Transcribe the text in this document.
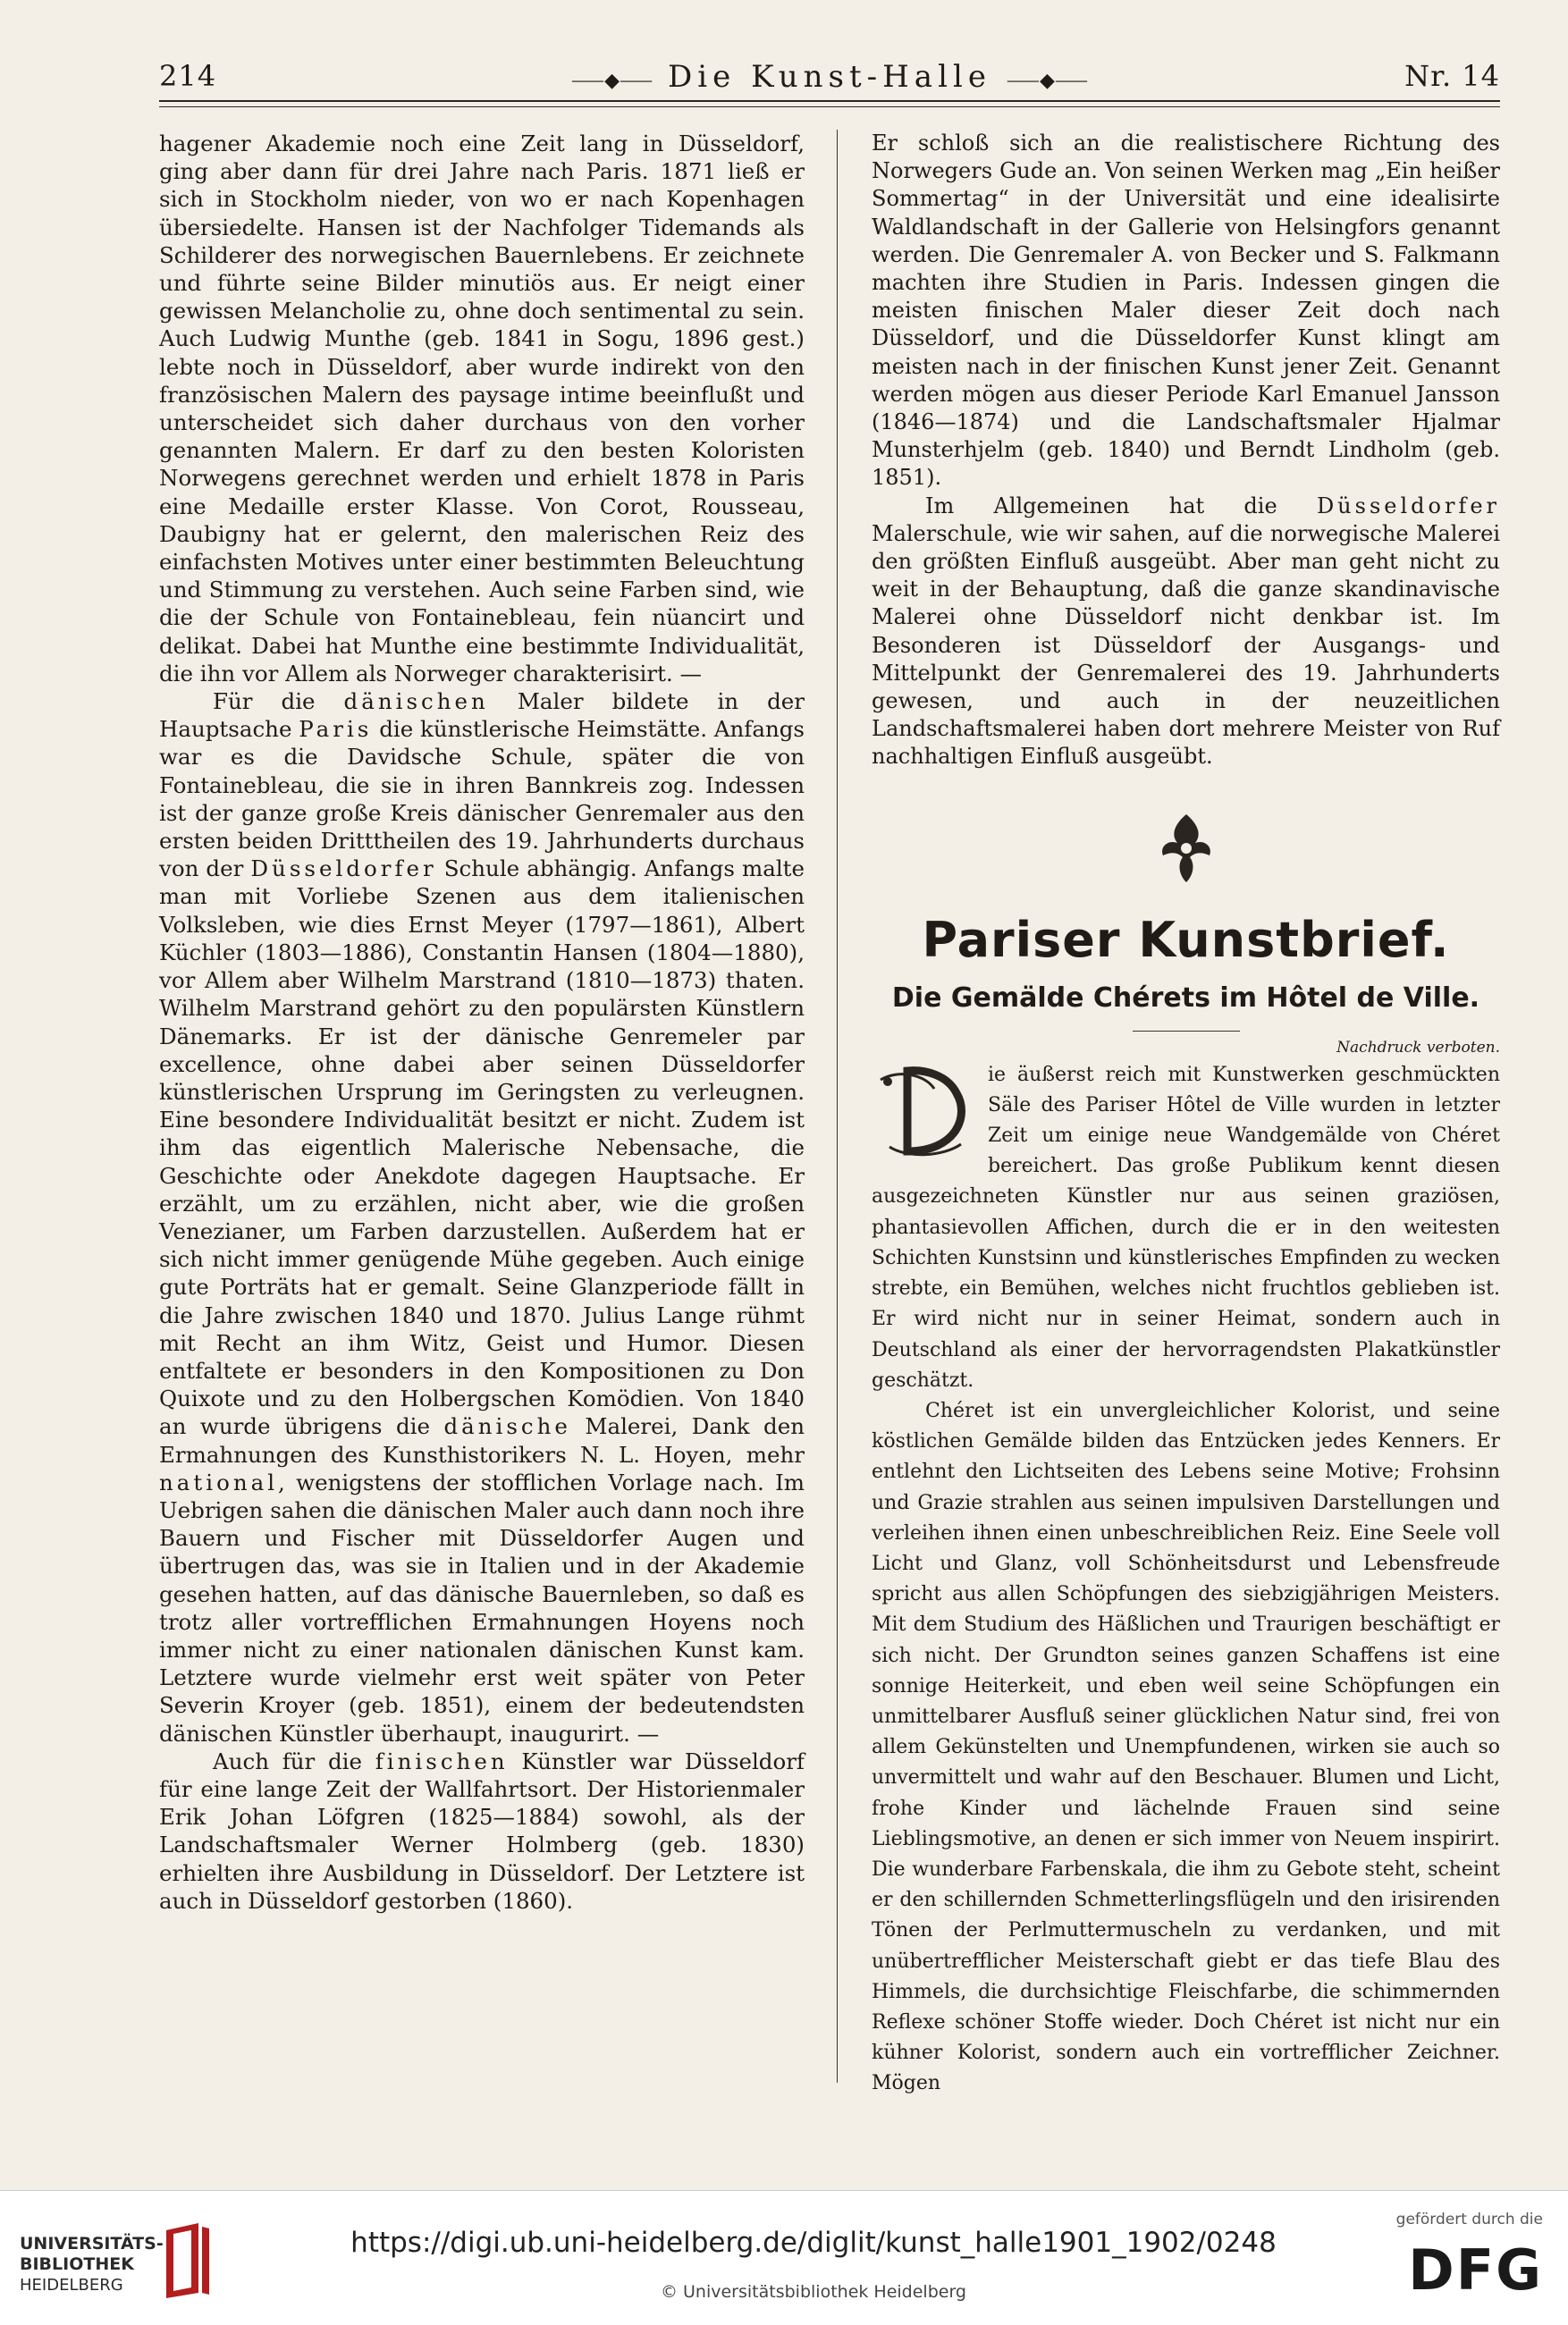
214	⸺◆⸺ Die Kunst-Halle ⸺◆⸺	Nr. 14

hagener Akademie noch eine Zeit lang in Düsseldorf, ging aber dann für drei Jahre nach Paris. 1871 ließ er sich in Stockholm nieder, von wo er nach Kopenhagen übersiedelte. Hansen ist der Nachfolger Tidemands als Schilderer des norwegischen Bauernlebens. Er zeichnete und führte seine Bilder minutiös aus. Er neigt einer gewissen Melancholie zu, ohne doch sentimental zu sein. Auch Ludwig Munthe (geb. 1841 in Sogu, 1896 gest.) lebte noch in Düsseldorf, aber wurde indirekt von den französischen Malern des paysage intime beeinflußt und unterscheidet sich daher durchaus von den vorher genannten Malern. Er darf zu den besten Koloristen Norwegens gerechnet werden und erhielt 1878 in Paris eine Medaille erster Klasse. Von Corot, Rousseau, Daubigny hat er gelernt, den malerischen Reiz des einfachsten Motives unter einer bestimmten Beleuchtung und Stimmung zu verstehen. Auch seine Farben sind, wie die der Schule von Fontainebleau, fein nüancirt und delikat. Dabei hat Munthe eine bestimmte Individualität, die ihn vor Allem als Norweger charakterisirt. —

Für die dänischen Maler bildete in der Hauptsache Paris die künstlerische Heimstätte. Anfangs war es die Davidsche Schule, später die von Fontainebleau, die sie in ihren Bannkreis zog. Indessen ist der ganze große Kreis dänischer Genremaler aus den ersten beiden Dritttheilen des 19. Jahrhunderts durchaus von der Düsseldorfer Schule abhängig. Anfangs malte man mit Vorliebe Szenen aus dem italienischen Volksleben, wie dies Ernst Meyer (1797—1861), Albert Küchler (1803—1886), Constantin Hansen (1804—1880), vor Allem aber Wilhelm Marstrand (1810—1873) thaten. Wilhelm Marstrand gehört zu den populärsten Künstlern Dänemarks. Er ist der dänische Genremeler par excellence, ohne dabei aber seinen Düsseldorfer künstlerischen Ursprung im Geringsten zu verleugnen. Eine besondere Individualität besitzt er nicht. Zudem ist ihm das eigentlich Malerische Nebensache, die Geschichte oder Anekdote dagegen Hauptsache. Er erzählt, um zu erzählen, nicht aber, wie die großen Venezianer, um Farben darzustellen. Außerdem hat er sich nicht immer genügende Mühe gegeben. Auch einige gute Porträts hat er gemalt. Seine Glanzperiode fällt in die Jahre zwischen 1840 und 1870. Julius Lange rühmt mit Recht an ihm Witz, Geist und Humor. Diesen entfaltete er besonders in den Kompositionen zu Don Quixote und zu den Holbergschen Komödien. Von 1840 an wurde übrigens die dänische Malerei, Dank den Ermahnungen des Kunsthistorikers N. L. Hoyen, mehr national, wenigstens der stofflichen Vorlage nach. Im Uebrigen sahen die dänischen Maler auch dann noch ihre Bauern und Fischer mit Düsseldorfer Augen und übertrugen das, was sie in Italien und in der Akademie gesehen hatten, auf das dänische Bauernleben, so daß es trotz aller vortrefflichen Ermahnungen Hoyens noch immer nicht zu einer nationalen dänischen Kunst kam. Letztere wurde vielmehr erst weit später von Peter Severin Kroyer (geb. 1851), einem der bedeutendsten dänischen Künstler überhaupt, inaugurirt. —

Auch für die finischen Künstler war Düsseldorf für eine lange Zeit der Wallfahrtsort. Der Historienmaler Erik Johan Löfgren (1825—1884) sowohl, als der Landschaftsmaler Werner Holmberg (geb. 1830) erhielten ihre Ausbildung in Düsseldorf. Der Letztere ist auch in Düsseldorf gestorben (1860).

Er schloß sich an die realistischere Richtung des Norwegers Gude an. Von seinen Werken mag „Ein heißer Sommertag“ in der Universität und eine idealisirte Waldlandschaft in der Gallerie von Helsingfors genannt werden. Die Genremaler A. von Becker und S. Falkmann machten ihre Studien in Paris. Indessen gingen die meisten finischen Maler dieser Zeit doch nach Düsseldorf, und die Düsseldorfer Kunst klingt am meisten nach in der finischen Kunst jener Zeit. Genannt werden mögen aus dieser Periode Karl Emanuel Jansson (1846—1874) und die Landschaftsmaler Hjalmar Munsterhjelm (geb. 1840) und Berndt Lindholm (geb. 1851).

Im Allgemeinen hat die Düsseldorfer Malerschule, wie wir sahen, auf die norwegische Malerei den größten Einfluß ausgeübt. Aber man geht nicht zu weit in der Behauptung, daß die ganze skandinavische Malerei ohne Düsseldorf nicht denkbar ist. Im Besonderen ist Düsseldorf der Ausgangs- und Mittelpunkt der Genremalerei des 19. Jahrhunderts gewesen, und auch in der neuzeitlichen Landschaftsmalerei haben dort mehrere Meister von Ruf nachhaltigen Einfluß ausgeübt.

Pariser Kunstbrief.
Die Gemälde Chérets im Hôtel de Ville.
Nachdruck verboten.

ie äußerst reich mit Kunstwerken geschmückten Säle des Pariser Hôtel de Ville wurden in letzter Zeit um einige neue Wandgemälde von Chéret bereichert. Das große Publikum kennt diesen ausgezeichneten Künstler nur aus seinen graziösen, phantasievollen Affichen, durch die er in den weitesten Schichten Kunstsinn und künstlerisches Empfinden zu wecken strebte, ein Bemühen, welches nicht fruchtlos geblieben ist. Er wird nicht nur in seiner Heimat, sondern auch in Deutschland als einer der hervorragendsten Plakatkünstler geschätzt.

Chéret ist ein unvergleichlicher Kolorist, und seine köstlichen Gemälde bilden das Entzücken jedes Kenners. Er entlehnt den Lichtseiten des Lebens seine Motive; Frohsinn und Grazie strahlen aus seinen impulsiven Darstellungen und verleihen ihnen einen unbeschreiblichen Reiz. Eine Seele voll Licht und Glanz, voll Schönheitsdurst und Lebensfreude spricht aus allen Schöpfungen des siebzigjährigen Meisters. Mit dem Studium des Häßlichen und Traurigen beschäftigt er sich nicht. Der Grundton seines ganzen Schaffens ist eine sonnige Heiterkeit, und eben weil seine Schöpfungen ein unmittelbarer Ausfluß seiner glücklichen Natur sind, frei von allem Gekünstelten und Unempfundenen, wirken sie auch so unvermittelt und wahr auf den Beschauer. Blumen und Licht, frohe Kinder und lächelnde Frauen sind seine Lieblingsmotive, an denen er sich immer von Neuem inspirirt. Die wunderbare Farbenskala, die ihm zu Gebote steht, scheint er den schillernden Schmetterlingsflügeln und den irisirenden Tönen der Perlmuttermuscheln zu verdanken, und mit unübertrefflicher Meisterschaft giebt er das tiefe Blau des Himmels, die durchsichtige Fleischfarbe, die schimmernden Reflexe schöner Stoffe wieder. Doch Chéret ist nicht nur ein kühner Kolorist, sondern auch ein vortrefflicher Zeichner. Mögen

UNIVERSITÄTS-
BIBLIOTHEK
HEIDELBERG
https://digi.ub.uni-heidelberg.de/diglit/kunst_halle1901_1902/0248
© Universitätsbibliothek Heidelberg
gefördert durch die
DFG
